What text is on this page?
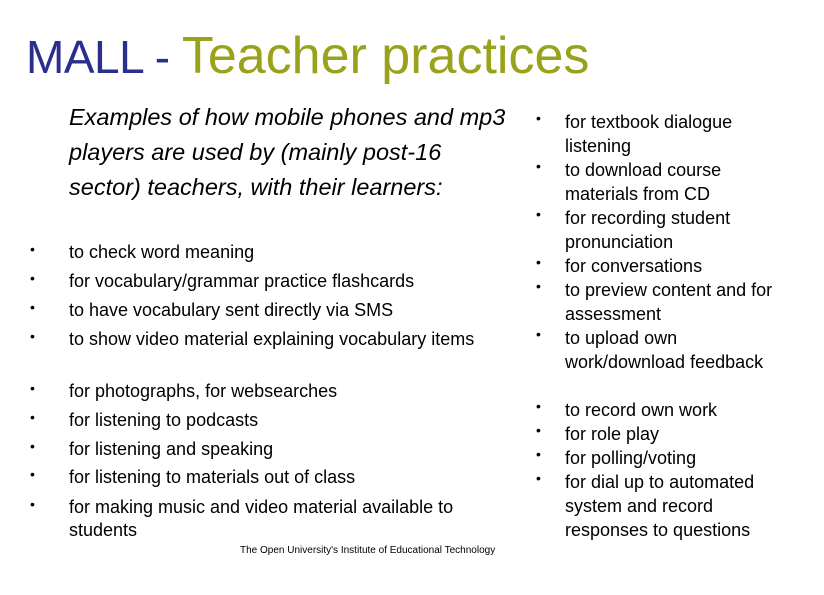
MALL - Teacher practices

Examples of how mobile phones and mp3 players are used by (mainly post-16 sector) teachers, with their learners:

• to check word meaning
• for vocabulary/grammar practice flashcards
• to have vocabulary sent directly via SMS
• to show video material explaining vocabulary items
• for photographs, for websearches
• for listening to podcasts
• for listening and speaking
• for listening to materials out of class
• for making music and video material available to students
• for textbook dialogue listening
• to download course materials from CD
• for recording student pronunciation
• for conversations
• to preview content and for assessment
• to upload own work/download feedback
• to record own work
• for role play
• for polling/voting
• for dial up to automated system and record responses to questions
The Open University's Institute of Educational Technology
